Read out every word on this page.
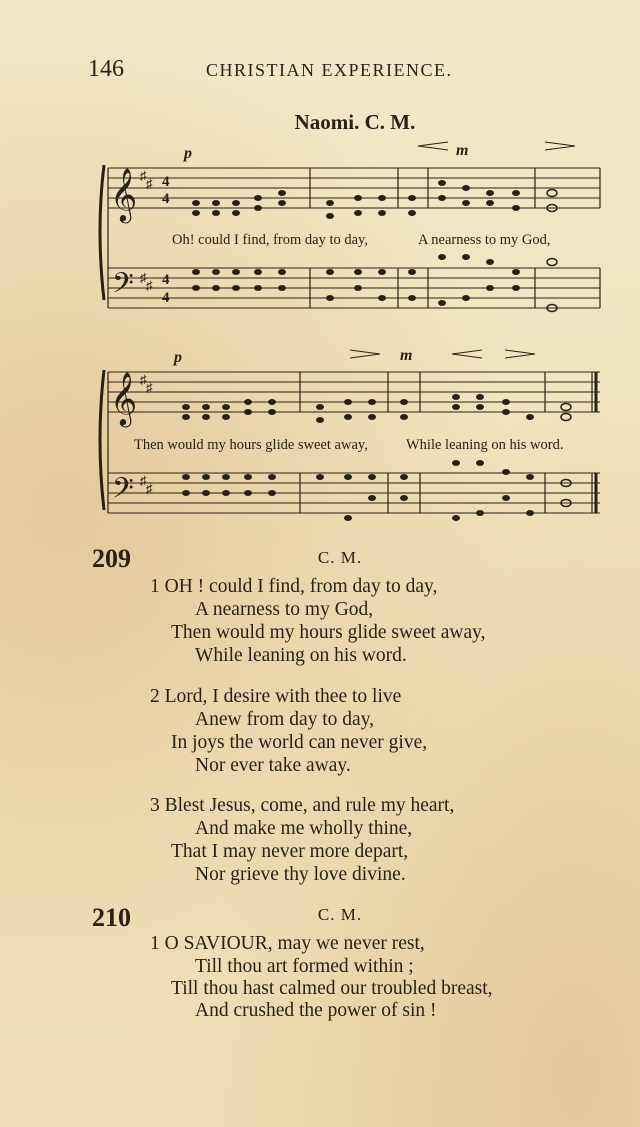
146	CHRISTIAN EXPERIENCE.
Naomi. C. M.
𝄞
𝄢
𝄞
𝄢
♯
♯
♯
♯
♯
♯
♯
♯
4
4
4
4
p	m
p	m
Oh! could I find, from day to day,	A nearness to my God,
Then would my hours glide sweet away,	While leaning on his word.
209	C. M.
1 OH ! could I find, from day to day,
A nearness to my God,
Then would my hours glide sweet away,
While leaning on his word.
2 Lord, I desire with thee to live
Anew from day to day,
In joys the world can never give,
Nor ever take away.
3 Blest Jesus, come, and rule my heart,
And make me wholly thine,
That I may never more depart,
Nor grieve thy love divine.
210	C. M.
1 O SAVIOUR, may we never rest,
Till thou art formed within ;
Till thou hast calmed our troubled breast,
And crushed the power of sin !
